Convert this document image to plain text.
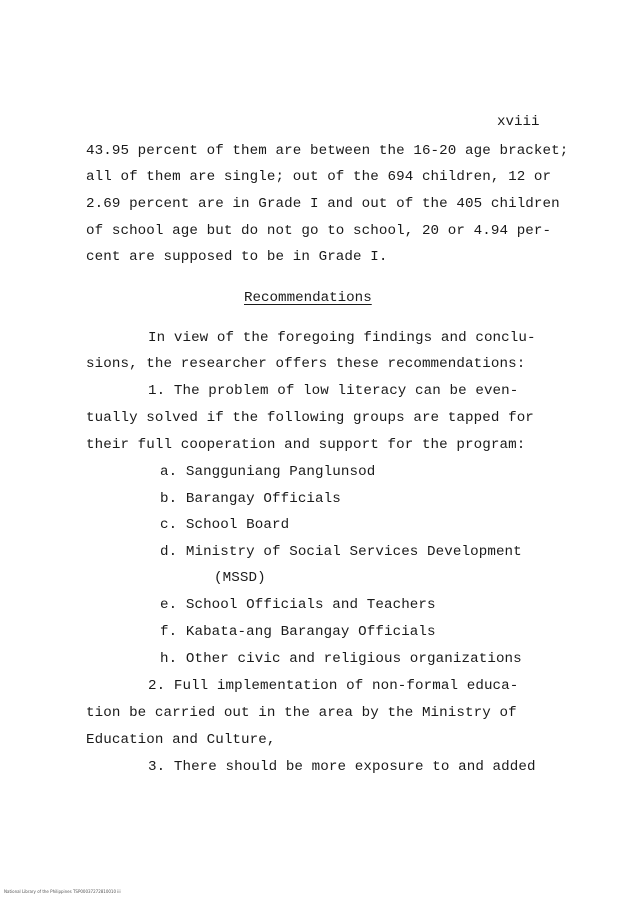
xviii
43.95 percent of them are between the 16-20 age bracket;
all of them are single; out of the 694 children, 12 or
2.69 percent are in Grade I and out of the 405 children
of school age but do not go to school, 20 or 4.94 per-
cent are supposed to be in Grade I.
Recommendations
In view of the foregoing findings and conclu-
sions, the researcher offers these recommendations:
1. The problem of low literacy can be even-
tually solved if the following groups are tapped for
their full cooperation and support for the program:
a. Sangguniang Panglunsod
b. Barangay Officials
c. School Board
d. Ministry of Social Services Development
(MSSD)
e. School Officials and Teachers
f. Kabata-ang Barangay Officials
h. Other civic and religious organizations
2. Full implementation of non-formal educa-
tion be carried out in the area by the Ministry of
Education and Culture,
3. There should be more exposure to and added
National Library of the Philippines TSP00037272810010 iii
